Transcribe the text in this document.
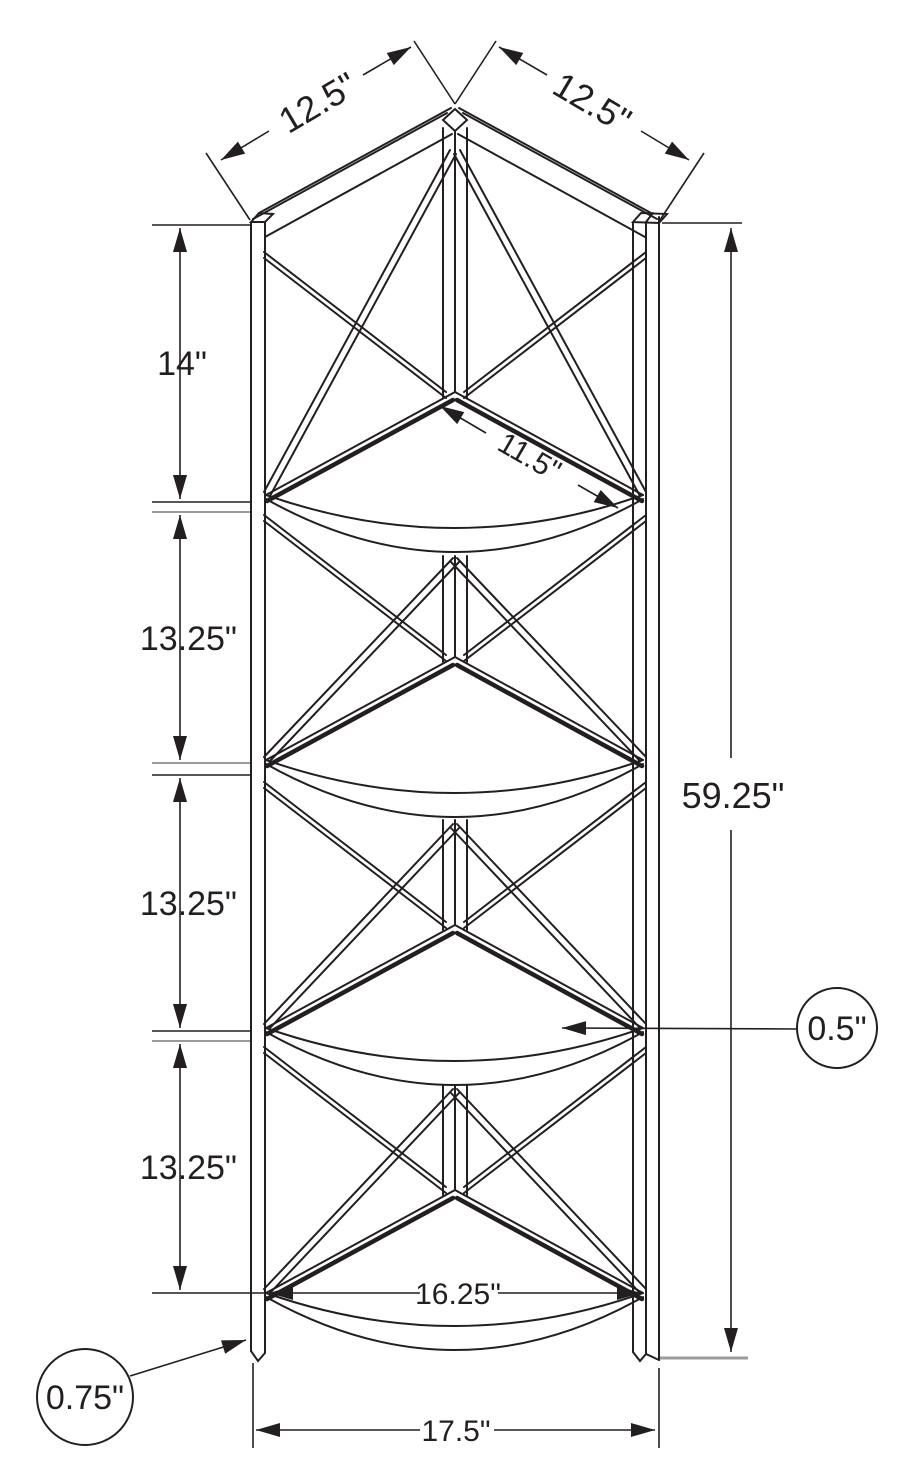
14"
13.25"
13.25"
13.25"
59.25"
16.25"
17.5"
12.5"	12.5"
11.5"
0.5"
0.75"
